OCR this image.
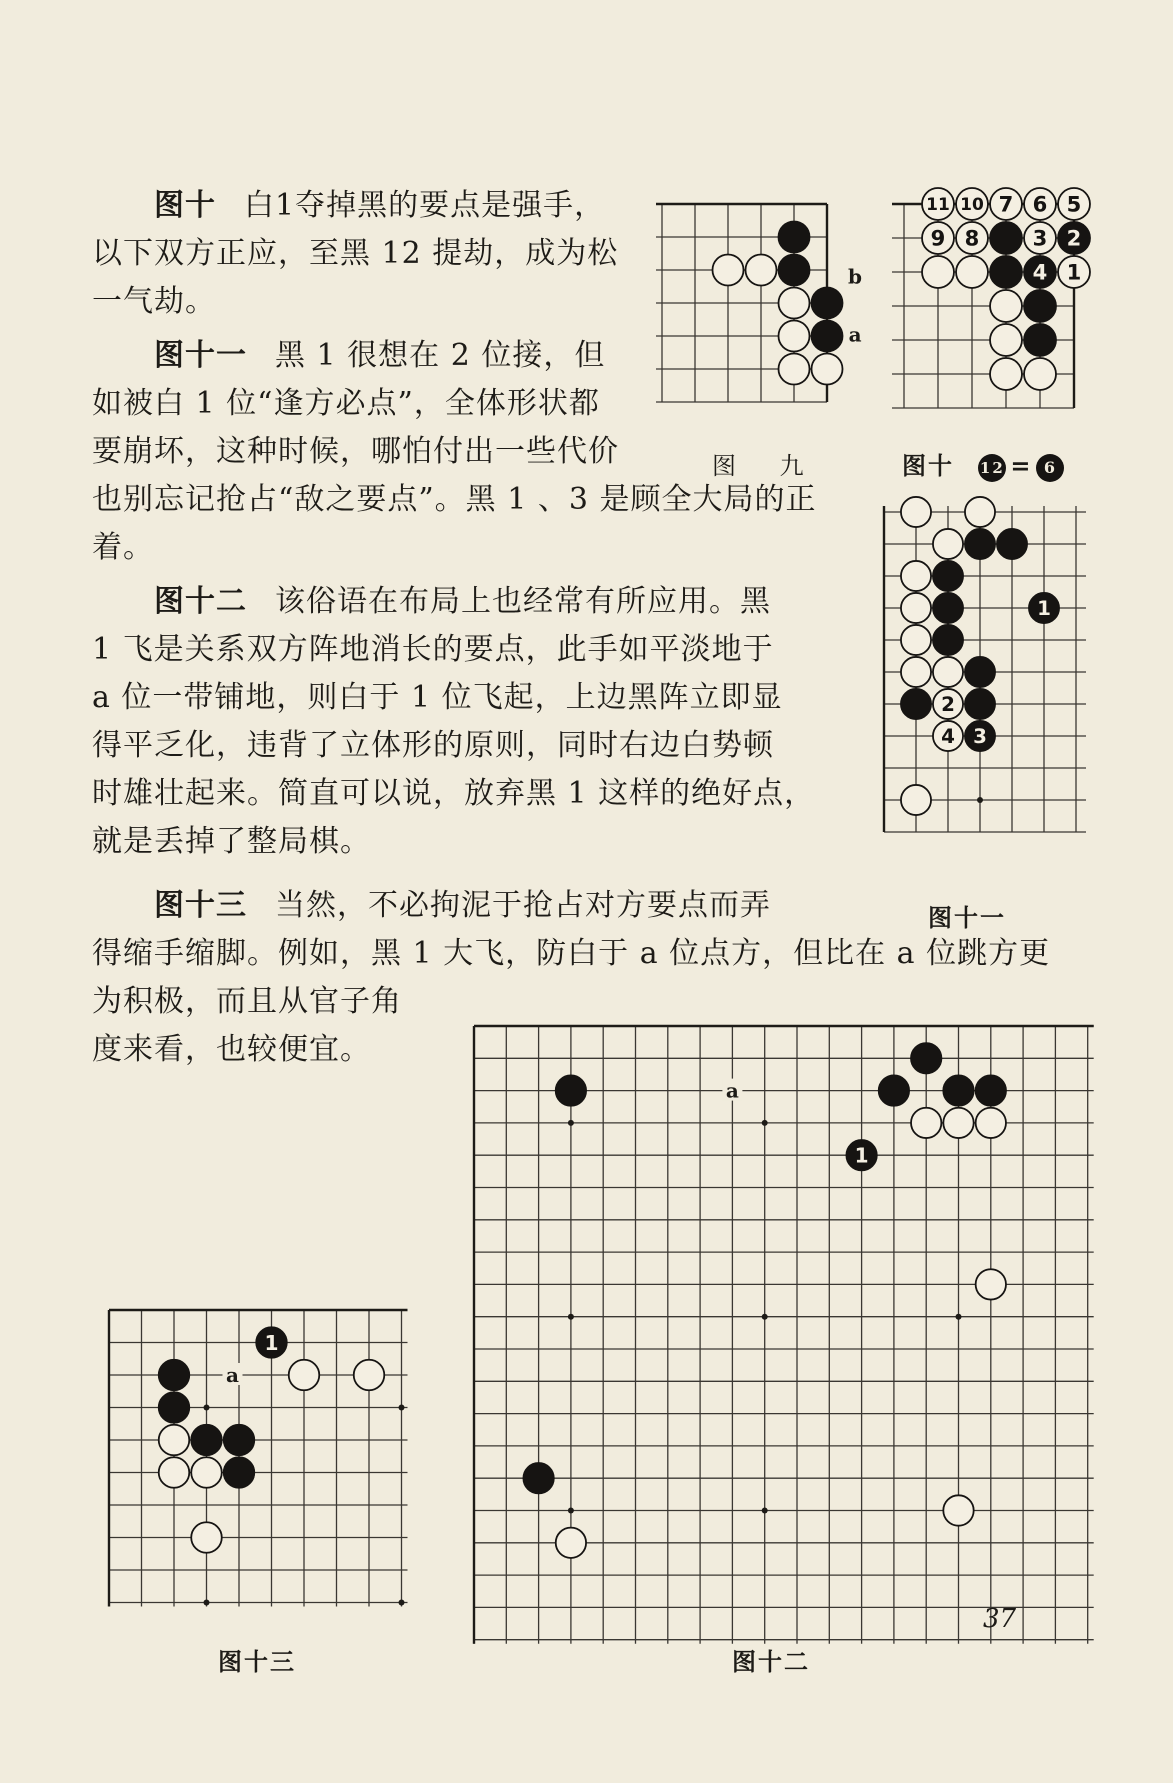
图十 白1夺掉黑的要点是强手，
以下双方正应，至黑 12 提劫，成为松
一气劫。
图十一 黑 1 很想在 2 位接，但
如被白 1 位“逢方必点”，全体形状都
要崩坏，这种时候，哪怕付出一些代价
也别忘记抢占“敌之要点”。黑 1 、3 是顾全大局的正
着。
图十二 该俗语在布局上也经常有所应用。黑
1 飞是关系双方阵地消长的要点，此手如平淡地于
a 位一带铺地，则白于 1 位飞起，上边黑阵立即显
得平乏化，违背了立体形的原则，同时右边白势顿
时雄壮起来。简直可以说，放弃黑 1 这样的绝好点，
就是丢掉了整局棋。
图十三 当然，不必拘泥于抢占对方要点而弄
得缩手缩脚。例如，黑 1 大飞，防白于 a 位点方，但比在 a 位跳方更
为积极，而且从官子角
度来看，也较便宜。
b
a
图 九
11 10 7 6 5
9 8	3 2
4 1
图十 12 = 6
1
2
4 3
图十一
a
1
图十二
a
1
图十三
37
